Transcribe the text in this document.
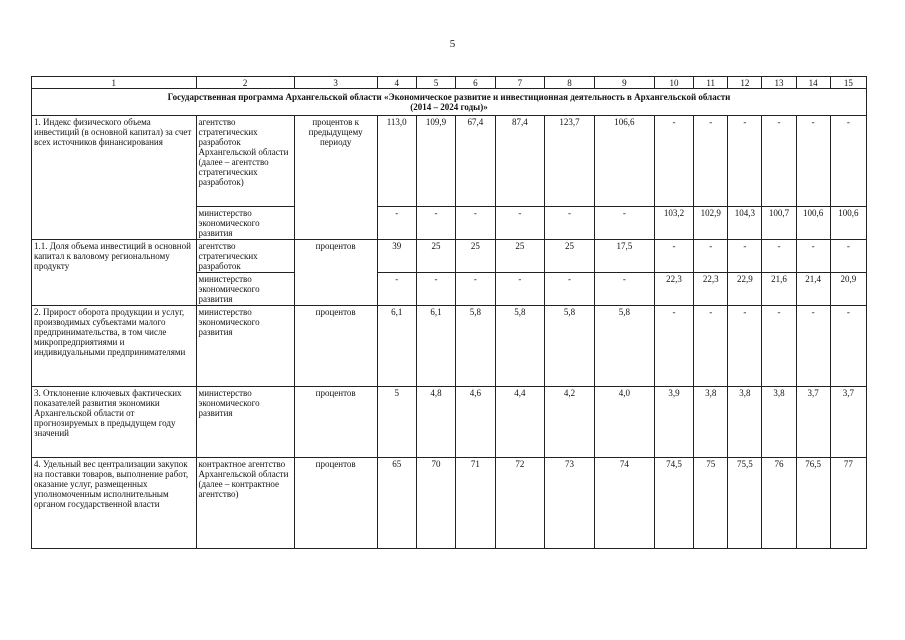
5
1	2	3	4	5	6	7	8	9	10	11	12	13	14	15
Государственная программа Архангельской области «Экономическое развитие и инвестиционная деятельность в Архангельской области
(2014 – 2024 годы)»														
1. Индекс физического объема инвестиций (в основной капитал) за счет всех источников финансирования	агентство стратегических разработок Архангельской области (далее – агентство стратегических разработок)	процентов к предыдущему периоду	113,0	109,9	67,4	87,4	123,7	106,6	-	-	-	-	-	-
	министерство экономического развития		-	-	-	-	-	-	103,2	102,9	104,3	100,7	100,6	100,6
1.1. Доля объема инвестиций в основной капитал к валовому региональному продукту	агентство стратегических разработок	процентов	39	25	25	25	25	17,5	-	-	-	-	-	-
	министерство экономического развития		-	-	-	-	-	-	22,3	22,3	22,9	21,6	21,4	20,9
2. Прирост оборота продукции и услуг, производимых субъектами малого предпринимательства, в том числе микропредприятиями и индивидуальными предпринимателями	министерство экономического развития	процентов	6,1	6,1	5,8	5,8	5,8	5,8	-	-	-	-	-	-
3. Отклонение ключевых фактических показателей развития экономики Архангельской области от прогнозируемых в предыдущем году значений	министерство экономического развития	процентов	5	4,8	4,6	4,4	4,2	4,0	3,9	3,8	3,8	3,8	3,7	3,7
4. Удельный вес централизации закупок на поставки товаров, выполнение работ, оказание услуг, размещенных уполномоченным исполнительным органом государственной власти	контрактное агентство Архангельской области (далее – контрактное агентство)	процентов	65	70	71	72	73	74	74,5	75	75,5	76	76,5	77
